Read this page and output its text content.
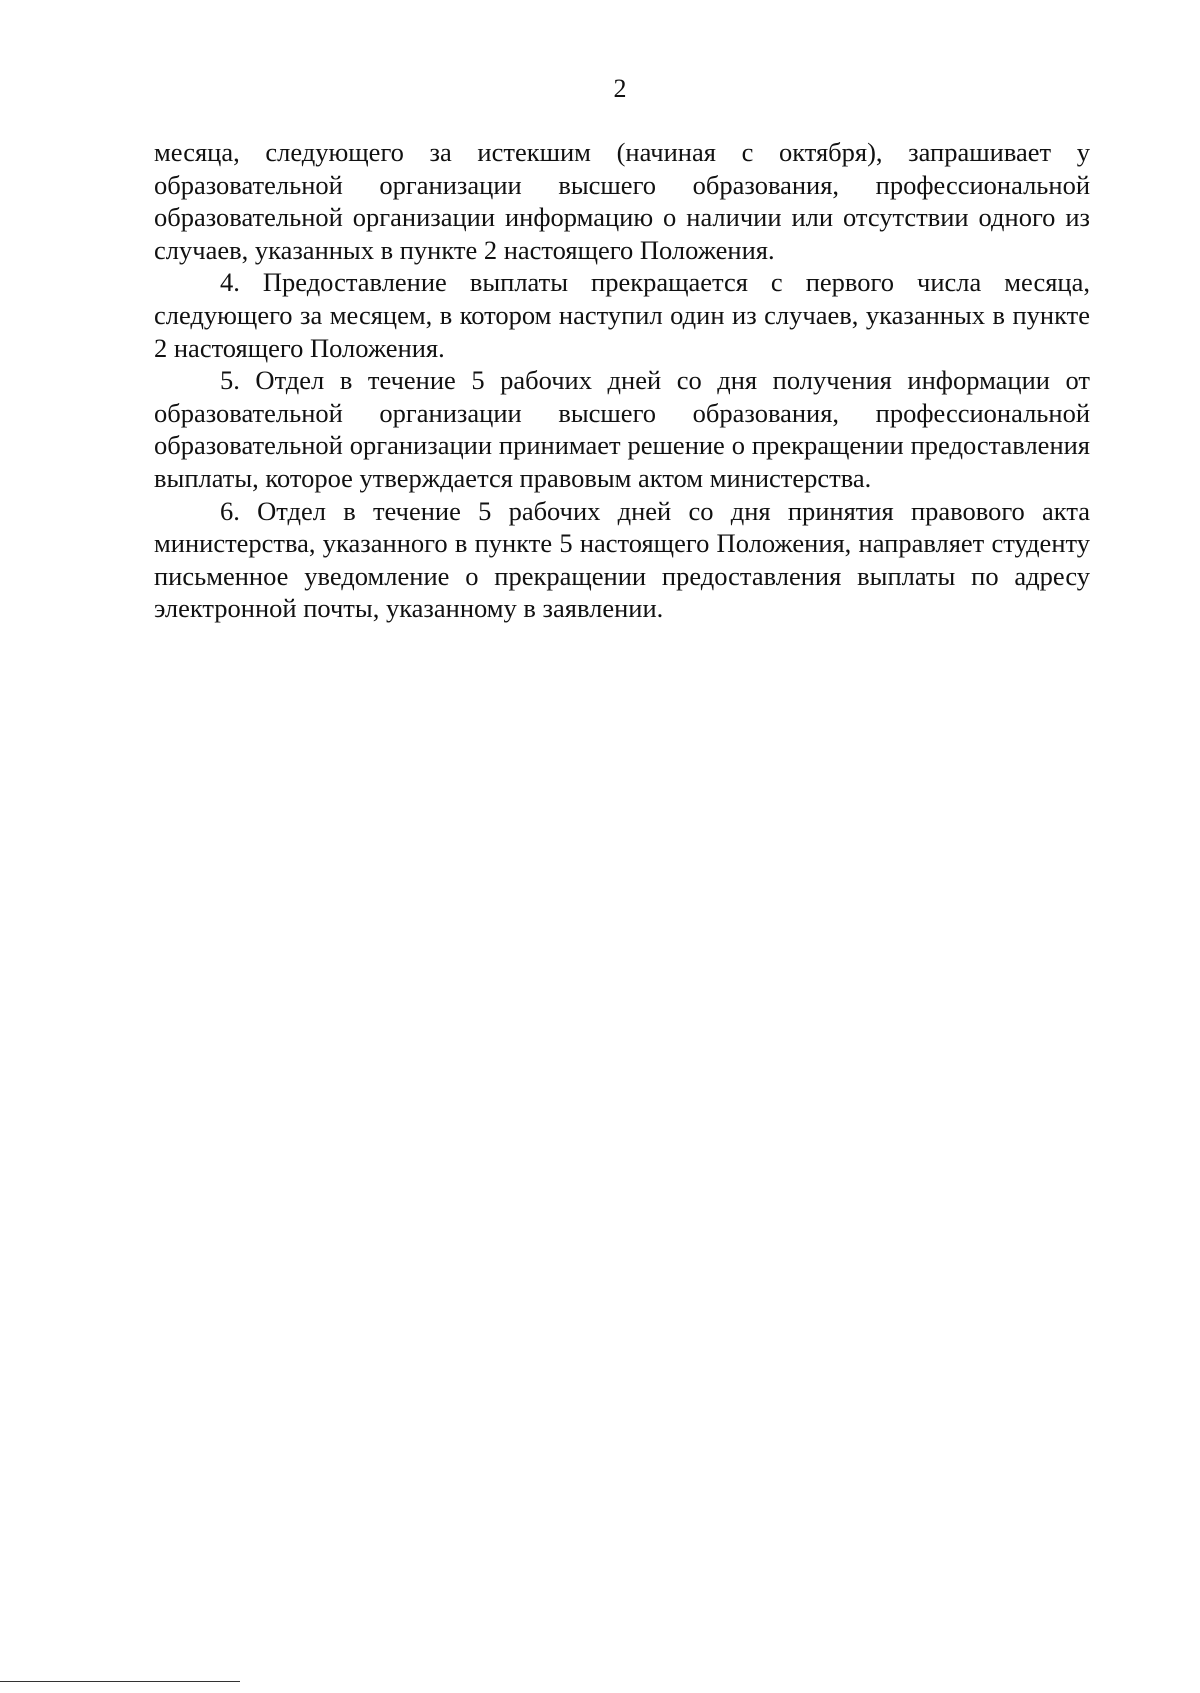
2

месяца, следующего за истекшим (начиная с октября), запрашивает у образовательной организации высшего образования, профессиональной образовательной организации информацию о наличии или отсутствии одного из случаев, указанных в пункте 2 настоящего Положения.

4. Предоставление выплаты прекращается с первого числа месяца, следующего за месяцем, в котором наступил один из случаев, указанных в пункте 2 настоящего Положения.

5. Отдел в течение 5 рабочих дней со дня получения информации от образовательной организации высшего образования, профессиональной образовательной организации принимает решение о прекращении предоставления выплаты, которое утверждается правовым актом министерства.

6. Отдел в течение 5 рабочих дней со дня принятия правового акта министерства, указанного в пункте 5 настоящего Положения, направляет студенту письменное уведомление о прекращении предоставления выплаты по адресу электронной почты, указанному в заявлении.
